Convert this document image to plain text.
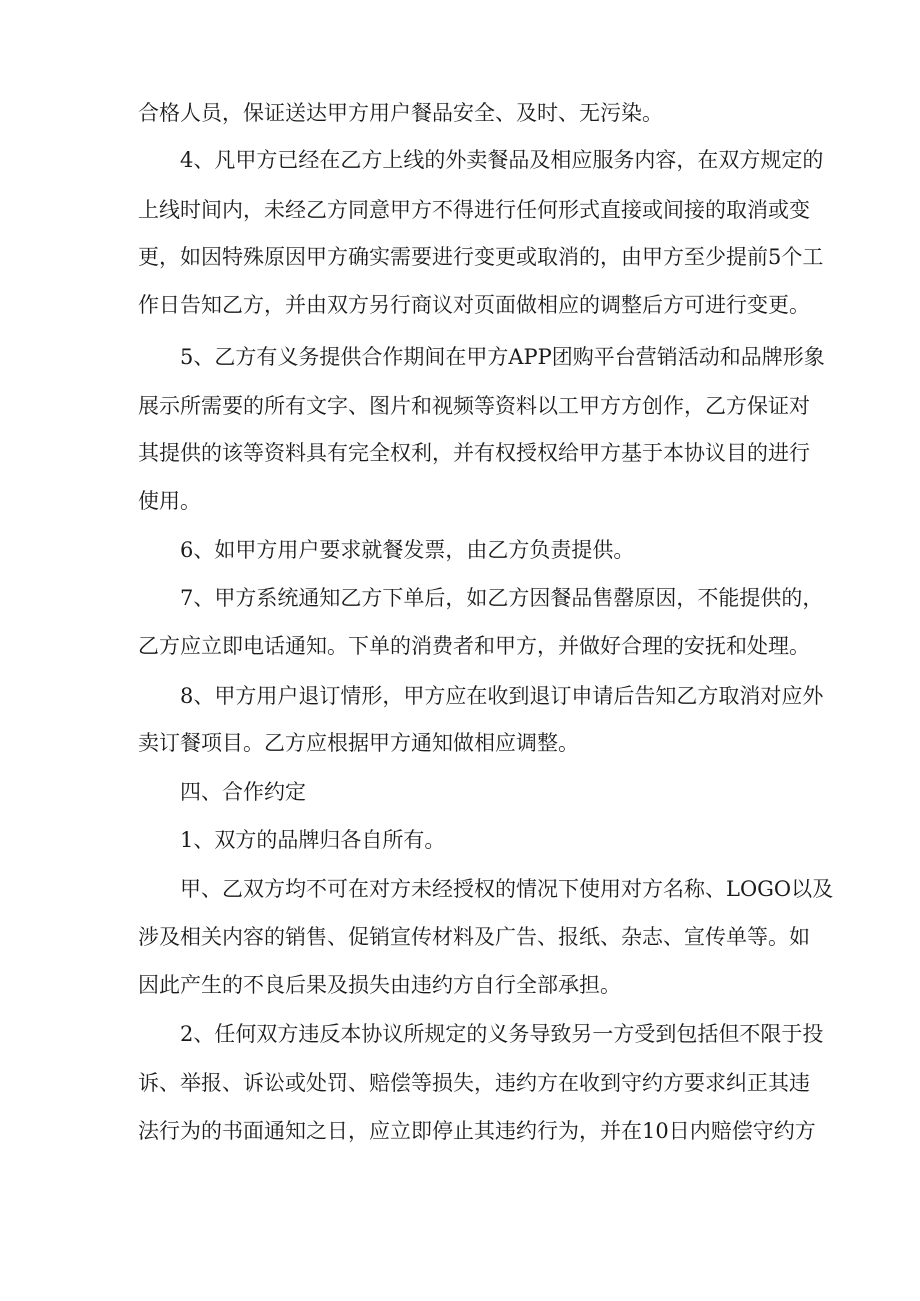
合格人员，保证送达甲方用户餐品安全、及时、无污染。
4、凡甲方已经在乙方上线的外卖餐品及相应服务内容，在双方规定的
上线时间内，未经乙方同意甲方不得进行任何形式直接或间接的取消或变
更，如因特殊原因甲方确实需要进行变更或取消的，由甲方至少提前5个工
作日告知乙方，并由双方另行商议对页面做相应的调整后方可进行变更。
5、乙方有义务提供合作期间在甲方APP团购平台营销活动和品牌形象
展示所需要的所有文字、图片和视频等资料以工甲方方创作，乙方保证对
其提供的该等资料具有完全权利，并有权授权给甲方基于本协议目的进行
使用。
6、如甲方用户要求就餐发票，由乙方负责提供。
7、甲方系统通知乙方下单后，如乙方因餐品售罄原因，不能提供的，
乙方应立即电话通知。下单的消费者和甲方，并做好合理的安抚和处理。
8、甲方用户退订情形，甲方应在收到退订申请后告知乙方取消对应外
卖订餐项目。乙方应根据甲方通知做相应调整。
四、合作约定
1、双方的品牌归各自所有。
甲、乙双方均不可在对方未经授权的情况下使用对方名称、LOGO以及
涉及相关内容的销售、促销宣传材料及广告、报纸、杂志、宣传单等。如
因此产生的不良后果及损失由违约方自行全部承担。
2、任何双方违反本协议所规定的义务导致另一方受到包括但不限于投
诉、举报、诉讼或处罚、赔偿等损失，违约方在收到守约方要求纠正其违
法行为的书面通知之日，应立即停止其违约行为，并在10日内赔偿守约方
